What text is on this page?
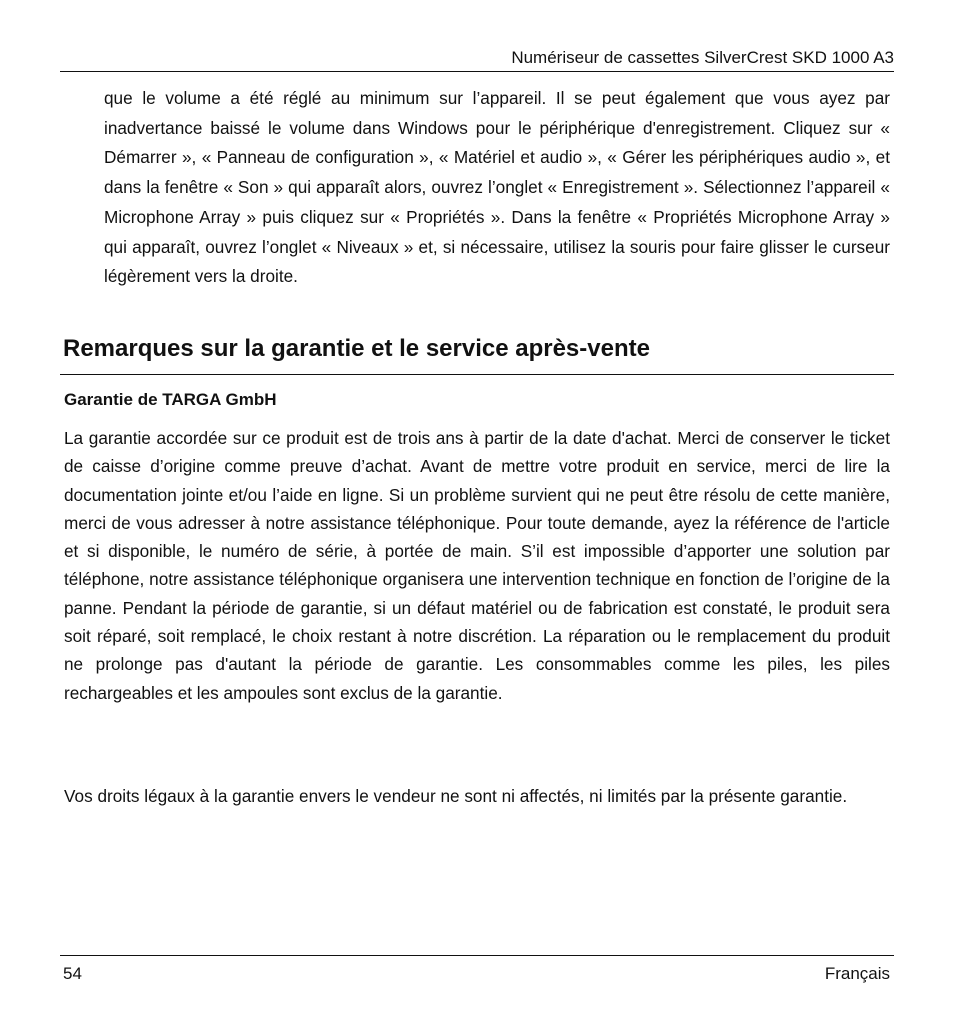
Numériseur de cassettes SilverCrest SKD 1000 A3

que le volume a été réglé au minimum sur l’appareil. Il se peut également que vous ayez par inadvertance baissé le volume dans Windows pour le périphérique d'enregistrement. Cliquez sur « Démarrer », « Panneau de configuration », « Matériel et audio », « Gérer les périphériques audio », et dans la fenêtre « Son » qui apparaît alors, ouvrez l’onglet « Enregistrement ». Sélectionnez l’appareil « Microphone Array » puis cliquez sur « Propriétés ». Dans la fenêtre « Propriétés Microphone Array » qui apparaît, ouvrez l’onglet « Niveaux » et, si nécessaire, utilisez la souris pour faire glisser le curseur légèrement vers la droite.

Remarques sur la garantie et le service après-vente
Garantie de TARGA GmbH

La garantie accordée sur ce produit est de trois ans à partir de la date d'achat. Merci de conserver le ticket de caisse d’origine comme preuve d’achat. Avant de mettre votre produit en service, merci de lire la documentation jointe et/ou l’aide en ligne. Si un problème survient qui ne peut être résolu de cette manière, merci de vous adresser à notre assistance téléphonique. Pour toute demande, ayez la référence de l'article et si disponible, le numéro de série, à portée de main. S’il est impossible d’apporter une solution par téléphone, notre assistance téléphonique organisera une intervention technique en fonction de l’origine de la panne. Pendant la période de garantie, si un défaut matériel ou de fabrication est constaté, le produit sera soit réparé, soit remplacé, le choix restant à notre discrétion. La réparation ou le remplacement du produit ne prolonge pas d'autant la période de garantie. Les consommables comme les piles, les piles rechargeables et les ampoules sont exclus de la garantie.

Vos droits légaux à la garantie envers le vendeur ne sont ni affectés, ni limités par la présente garantie.

54	Français
